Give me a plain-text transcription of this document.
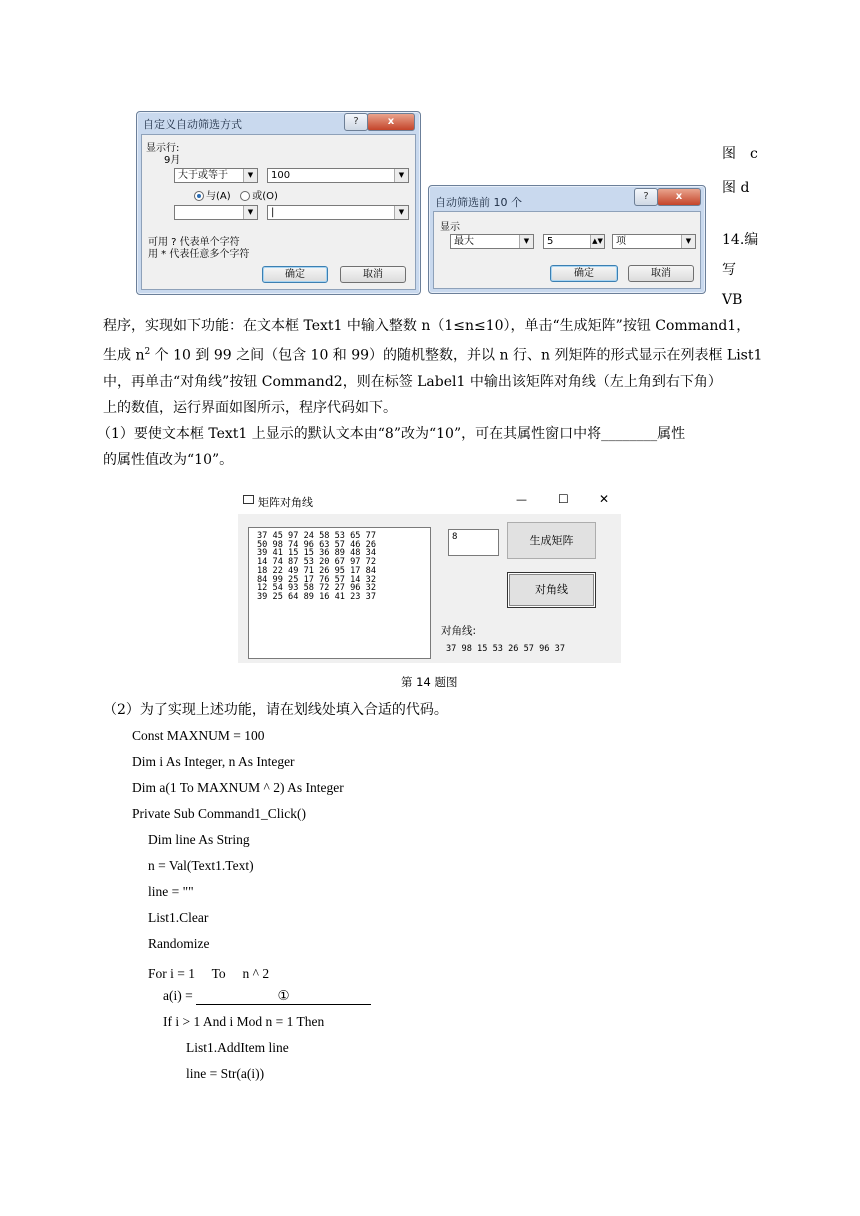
自定义自动筛选方式	?	x
显示行:
9月
大于或等于	▼	100	▼
与(A) 或(O)
▼	|	▼
可用 ? 代表单个字符
用 * 代表任意多个字符
确定	取消
自动筛选前 10 个	?	x
显示
最大	▼	5	▲▼	项	▼
确定	取消
图　c
图 d
14.编
写
VB
程序，实现如下功能：在文本框 Text1 中输入整数 n（1≤n≤10），单击“生成矩阵”按钮 Command1，
生成 $n^2$ 个 10 到 99 之间（包含 10 和 99）的随机整数，并以 n 行、n 列矩阵的形式显示在列表框 List1
中，再单击“对角线”按钮 Command2，则在标签 Label1 中输出该矩阵对角线（左上角到右下角）
上的数值，运行界面如图所示，程序代码如下。
（1）要使文本框 Text1 上显示的默认文本由“8”改为“10”，可在其属性窗口中将________属性
的属性值改为“10”。
矩阵对角线	—	☐	✕
37 45 97 24 58 53 65 77
50 98 74 96 63 57 46 26
39 41 15 15 36 89 48 34
14 74 87 53 20 67 97 72
18 22 49 71 26 95 17 84
84 99 25 17 76 57 14 32
12 54 93 58 72 27 96 32
39 25 64 89 16 41 23 37
8	生成矩阵
对角线
对角线:
37 98 15 53 26 57 96 37
第 14 题图
（2）为了实现上述功能，请在划线处填入合适的代码。
Const MAXNUM = 100
Dim i As Integer, n As Integer
Dim a(1 To MAXNUM ^ 2) As Integer
Private Sub Command1_Click()
Dim line As String
n = Val(Text1.Text)
line = ""
List1.Clear
Randomize
For i = 1　 To　 n ^ 2
a(i) =	①
If i > 1 And i Mod n = 1 Then
List1.AddItem line
line = Str(a(i))
